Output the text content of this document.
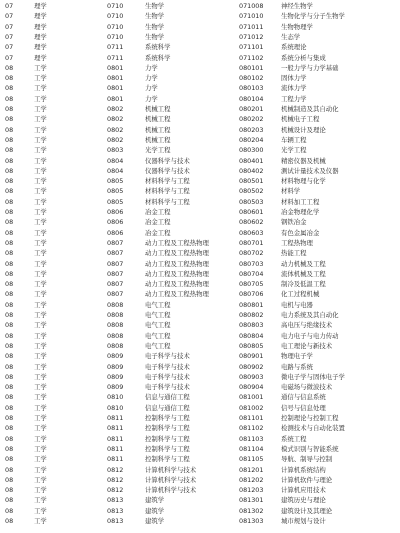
07	理学	0710	生物学	071008	神经生物学
07	理学	0710	生物学	071010	生物化学与分子生物学
07	理学	0710	生物学	071011	生物物理学
07	理学	0710	生物学	071012	生态学
07	理学	0711	系统科学	071101	系统理论
07	理学	0711	系统科学	071102	系统分析与集成
08	工学	0801	力学	080101	一般力学与力学基础
08	工学	0801	力学	080102	固体力学
08	工学	0801	力学	080103	流体力学
08	工学	0801	力学	080104	工程力学
08	工学	0802	机械工程	080201	机械制造及其自动化
08	工学	0802	机械工程	080202	机械电子工程
08	工学	0802	机械工程	080203	机械设计及理论
08	工学	0802	机械工程	080204	车辆工程
08	工学	0803	光学工程	080300	光学工程
08	工学	0804	仪器科学与技术	080401	精密仪器及机械
08	工学	0804	仪器科学与技术	080402	测试计量技术及仪器
08	工学	0805	材料科学与工程	080501	材料物理与化学
08	工学	0805	材料科学与工程	080502	材料学
08	工学	0805	材料科学与工程	080503	材料加工工程
08	工学	0806	冶金工程	080601	冶金物理化学
08	工学	0806	冶金工程	080602	钢铁冶金
08	工学	0806	冶金工程	080603	有色金属冶金
08	工学	0807	动力工程及工程热物理	080701	工程热物理
08	工学	0807	动力工程及工程热物理	080702	热能工程
08	工学	0807	动力工程及工程热物理	080703	动力机械及工程
08	工学	0807	动力工程及工程热物理	080704	流体机械及工程
08	工学	0807	动力工程及工程热物理	080705	制冷及低温工程
08	工学	0807	动力工程及工程热物理	080706	化工过程机械
08	工学	0808	电气工程	080801	电机与电器
08	工学	0808	电气工程	080802	电力系统及其自动化
08	工学	0808	电气工程	080803	高电压与绝缘技术
08	工学	0808	电气工程	080804	电力电子与电力传动
08	工学	0808	电气工程	080805	电工理论与新技术
08	工学	0809	电子科学与技术	080901	物理电子学
08	工学	0809	电子科学与技术	080902	电路与系统
08	工学	0809	电子科学与技术	080903	微电子学与固体电子学
08	工学	0809	电子科学与技术	080904	电磁场与微波技术
08	工学	0810	信息与通信工程	081001	通信与信息系统
08	工学	0810	信息与通信工程	081002	信号与信息处理
08	工学	0811	控制科学与工程	081101	控制理论与控制工程
08	工学	0811	控制科学与工程	081102	检测技术与自动化装置
08	工学	0811	控制科学与工程	081103	系统工程
08	工学	0811	控制科学与工程	081104	模式识别与智能系统
08	工学	0811	控制科学与工程	081105	导航、制导与控制
08	工学	0812	计算机科学与技术	081201	计算机系统结构
08	工学	0812	计算机科学与技术	081202	计算机软件与理论
08	工学	0812	计算机科学与技术	081203	计算机应用技术
08	工学	0813	建筑学	081301	建筑历史与理论
08	工学	0813	建筑学	081302	建筑设计及其理论
08	工学	0813	建筑学	081303	城市规划与设计
